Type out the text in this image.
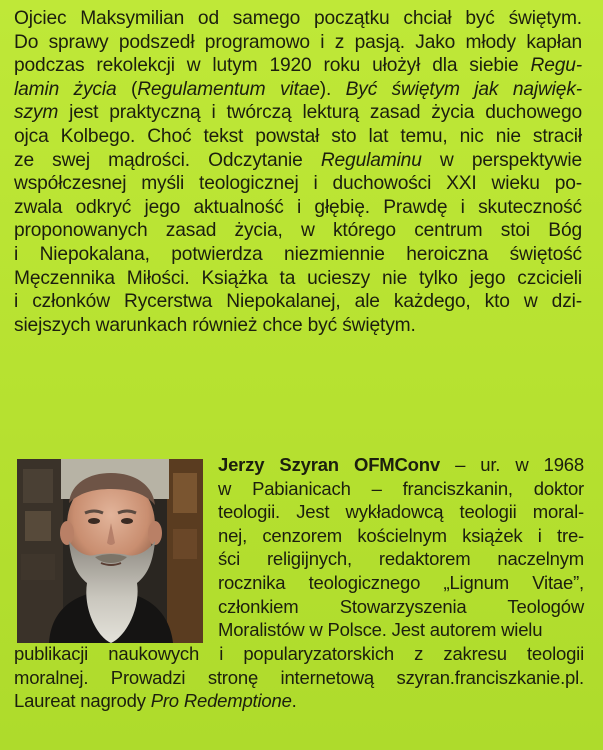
Ojciec Maksymilian od samego początku chciał być świętym.
Do sprawy podszedł programowo i z pasją. Jako młody kapłan
podczas rekolekcji w lutym 1920 roku ułożył dla siebie Regu-
lamin życia (Regulamentum vitae). Być świętym jak najwięk-
szym jest praktyczną i twórczą lekturą zasad życia duchowego
ojca Kolbego. Choć tekst powstał sto lat temu, nic nie stracił
ze swej mądrości. Odczytanie Regulaminu w perspektywie
współczesnej myśli teologicznej i duchowości XXI wieku po-
zwala odkryć jego aktualność i głębię. Prawdę i skuteczność
proponowanych zasad życia, w którego centrum stoi Bóg
i Niepokalana, potwierdza niezmiennie heroiczna świętość
Męczennika Miłości. Książka ta ucieszy nie tylko jego czcicieli
i członków Rycerstwa Niepokalanej, ale każdego, kto w dzi-
siejszych warunkach również chce być świętym.

Jerzy Szyran OFMConv – ur. w 1968
w Pabianicach – franciszkanin, doktor
teologii. Jest wykładowcą teologii moral-
nej, cenzorem kościelnym książek i tre-
ści religijnych, redaktorem naczelnym
rocznika teologicznego „Lignum Vitae”,
członkiem Stowarzyszenia Teologów
Moralistów w Polsce. Jest autorem wielu

publikacji naukowych i popularyzatorskich z zakresu teologii
moralnej. Prowadzi stronę internetową szyran.franciszkanie.pl.
Laureat nagrody Pro Redemptione.
